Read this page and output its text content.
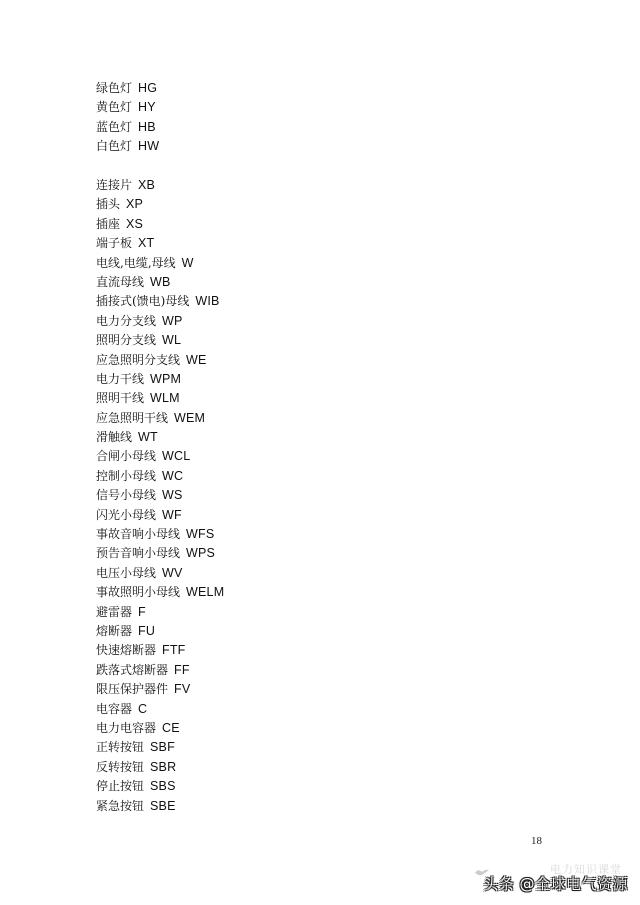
绿色灯 HG
黄色灯 HY
蓝色灯 HB
白色灯 HW
连接片 XB
插头 XP
插座 XS
端子板 XT
电线,电缆,母线 W
直流母线 WB
插接式(馈电)母线 WIB
电力分支线 WP
照明分支线 WL
应急照明分支线 WE
电力干线 WPM
照明干线 WLM
应急照明干线 WEM
滑触线 WT
合闸小母线 WCL
控制小母线 WC
信号小母线 WS
闪光小母线 WF
事故音响小母线 WFS
预告音响小母线 WPS
电压小母线 WV
事故照明小母线 WELM
避雷器 F
熔断器 FU
快速熔断器 FTF
跌落式熔断器 FF
限压保护器件 FV
电容器 C
电力电容器 CE
正转按钮 SBF
反转按钮 SBR
停止按钮 SBS
紧急按钮 SBE
18
电力知识课堂
头条 @全球电气资源
